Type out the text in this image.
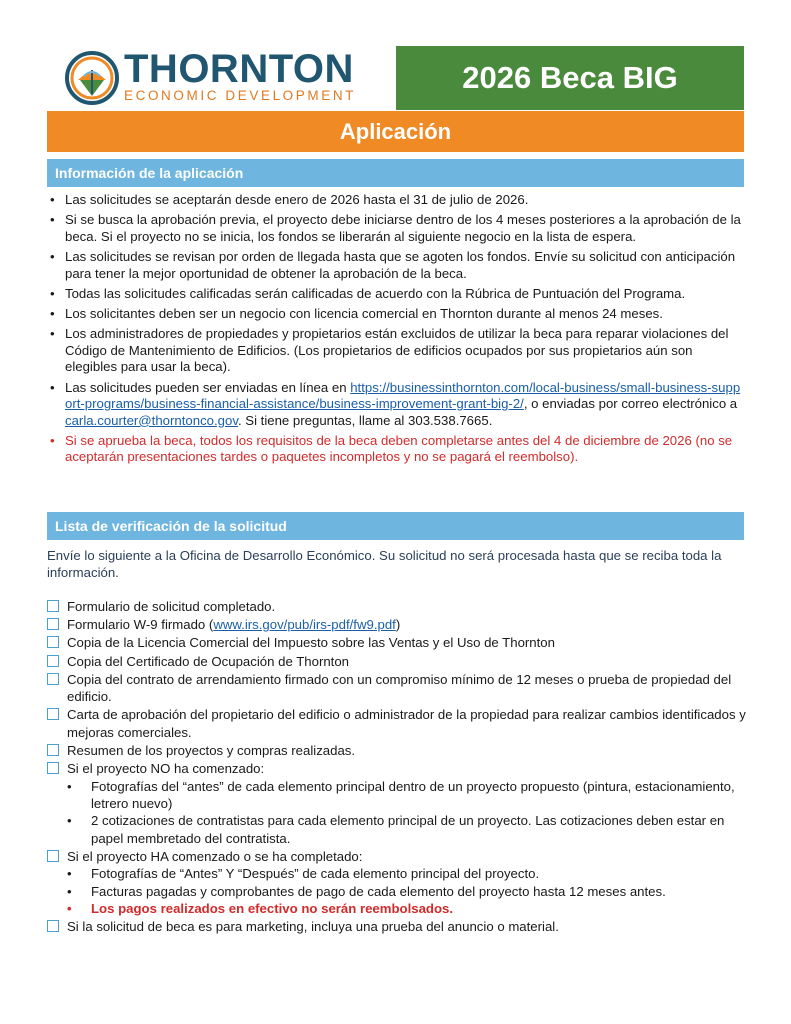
THORNTON
ECONOMIC DEVELOPMENT
2026 Beca BIG
Aplicación
Información de la aplicación
• Las solicitudes se aceptarán desde enero de 2026 hasta el 31 de julio de 2026.
• Si se busca la aprobación previa, el proyecto debe iniciarse dentro de los 4 meses posteriores a la aprobación de la beca. Si el proyecto no se inicia, los fondos se liberarán al siguiente negocio en la lista de espera.
• Las solicitudes se revisan por orden de llegada hasta que se agoten los fondos. Envíe su solicitud con anticipación para tener la mejor oportunidad de obtener la aprobación de la beca.
• Todas las solicitudes calificadas serán calificadas de acuerdo con la Rúbrica de Puntuación del Programa.
• Los solicitantes deben ser un negocio con licencia comercial en Thornton durante al menos 24 meses.
• Los administradores de propiedades y propietarios están excluidos de utilizar la beca para reparar violaciones del Código de Mantenimiento de Edificios. (Los propietarios de edificios ocupados por sus propietarios aún son elegibles para usar la beca).
• Las solicitudes pueden ser enviadas en línea en https://businessinthornton.com/local-business/small-business-support-programs/business-financial-assistance/business-improvement-grant-big-2/, o enviadas por correo electrónico a carla.courter@thorntonco.gov. Si tiene preguntas, llame al 303.538.7665.
• Si se aprueba la beca, todos los requisitos de la beca deben completarse antes del 4 de diciembre de 2026 (no se aceptarán presentaciones tardes o paquetes incompletos y no se pagará el reembolso).
Lista de verificación de la solicitud
Envíe lo siguiente a la Oficina de Desarrollo Económico. Su solicitud no será procesada hasta que se reciba toda la información.
Formulario de solicitud completado.
Formulario W-9 firmado (www.irs.gov/pub/irs-pdf/fw9.pdf)
Copia de la Licencia Comercial del Impuesto sobre las Ventas y el Uso de Thornton
Copia del Certificado de Ocupación de Thornton
Copia del contrato de arrendamiento firmado con un compromiso mínimo de 12 meses o prueba de propiedad del edificio.
Carta de aprobación del propietario del edificio o administrador de la propiedad para realizar cambios identificados y mejoras comerciales.
Resumen de los proyectos y compras realizadas.
Si el proyecto NO ha comenzado:
• Fotografías del “antes” de cada elemento principal dentro de un proyecto propuesto (pintura, estacionamiento, letrero nuevo)
• 2 cotizaciones de contratistas para cada elemento principal de un proyecto. Las cotizaciones deben estar en papel membretado del contratista.
Si el proyecto HA comenzado o se ha completado:
• Fotografías de “Antes” Y “Después” de cada elemento principal del proyecto.
• Facturas pagadas y comprobantes de pago de cada elemento del proyecto hasta 12 meses antes.
• Los pagos realizados en efectivo no serán reembolsados.
Si la solicitud de beca es para marketing, incluya una prueba del anuncio o material.
